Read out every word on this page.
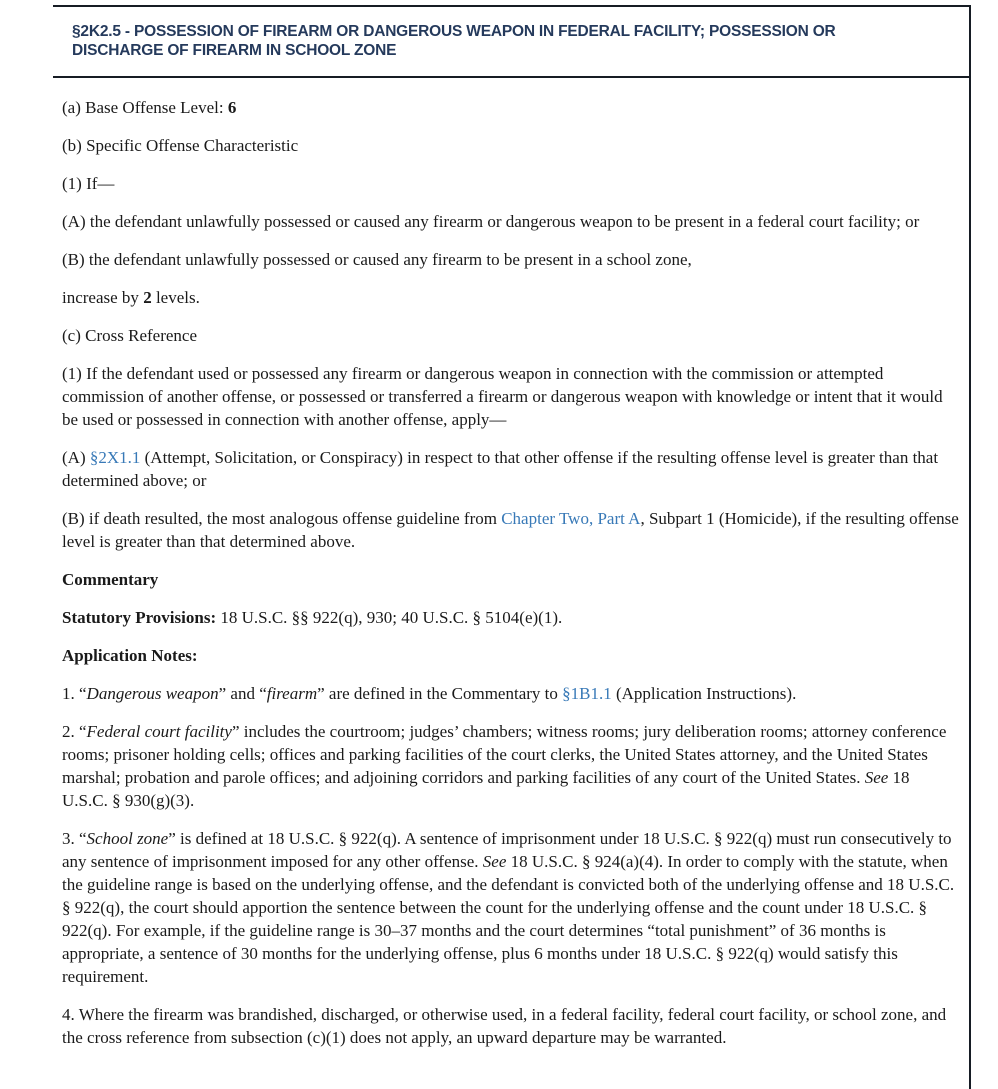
§2K2.5 - POSSESSION OF FIREARM OR DANGEROUS WEAPON IN FEDERAL FACILITY; POSSESSION OR DISCHARGE OF FIREARM IN SCHOOL ZONE

(a) Base Offense Level: 6

(b) Specific Offense Characteristic

(1) If—

(A) the defendant unlawfully possessed or caused any firearm or dangerous weapon to be present in a federal court facility; or

(B) the defendant unlawfully possessed or caused any firearm to be present in a school zone,

increase by 2 levels.

(c) Cross Reference

(1) If the defendant used or possessed any firearm or dangerous weapon in connection with the commission or attempted commission of another offense, or possessed or transferred a firearm or dangerous weapon with knowledge or intent that it would be used or possessed in connection with another offense, apply—

(A) §2X1.1 (Attempt, Solicitation, or Conspiracy) in respect to that other offense if the resulting offense level is greater than that determined above; or

(B) if death resulted, the most analogous offense guideline from Chapter Two, Part A, Subpart 1 (Homicide), if the resulting offense level is greater than that determined above.

Commentary

Statutory Provisions: 18 U.S.C. §§ 922(q), 930; 40 U.S.C. § 5104(e)(1).

Application Notes:

1. “Dangerous weapon” and “firearm” are defined in the Commentary to §1B1.1 (Application Instructions).

2. “Federal court facility” includes the courtroom; judges’ chambers; witness rooms; jury deliberation rooms; attorney conference rooms; prisoner holding cells; offices and parking facilities of the court clerks, the United States attorney, and the United States marshal; probation and parole offices; and adjoining corridors and parking facilities of any court of the United States. See 18 U.S.C. § 930(g)(3).

3. “School zone” is defined at 18 U.S.C. § 922(q). A sentence of imprisonment under 18 U.S.C. § 922(q) must run consecutively to any sentence of imprisonment imposed for any other offense. See 18 U.S.C. § 924(a)(4). In order to comply with the statute, when the guideline range is based on the underlying offense, and the defendant is convicted both of the underlying offense and 18 U.S.C. § 922(q), the court should apportion the sentence between the count for the underlying offense and the count under 18 U.S.C. § 922(q). For example, if the guideline range is 30–37 months and the court determines “total punishment” of 36 months is appropriate, a sentence of 30 months for the underlying offense, plus 6 months under 18 U.S.C. § 922(q) would satisfy this requirement.

4. Where the firearm was brandished, discharged, or otherwise used, in a federal facility, federal court facility, or school zone, and the cross reference from subsection (c)(1) does not apply, an upward departure may be warranted.
